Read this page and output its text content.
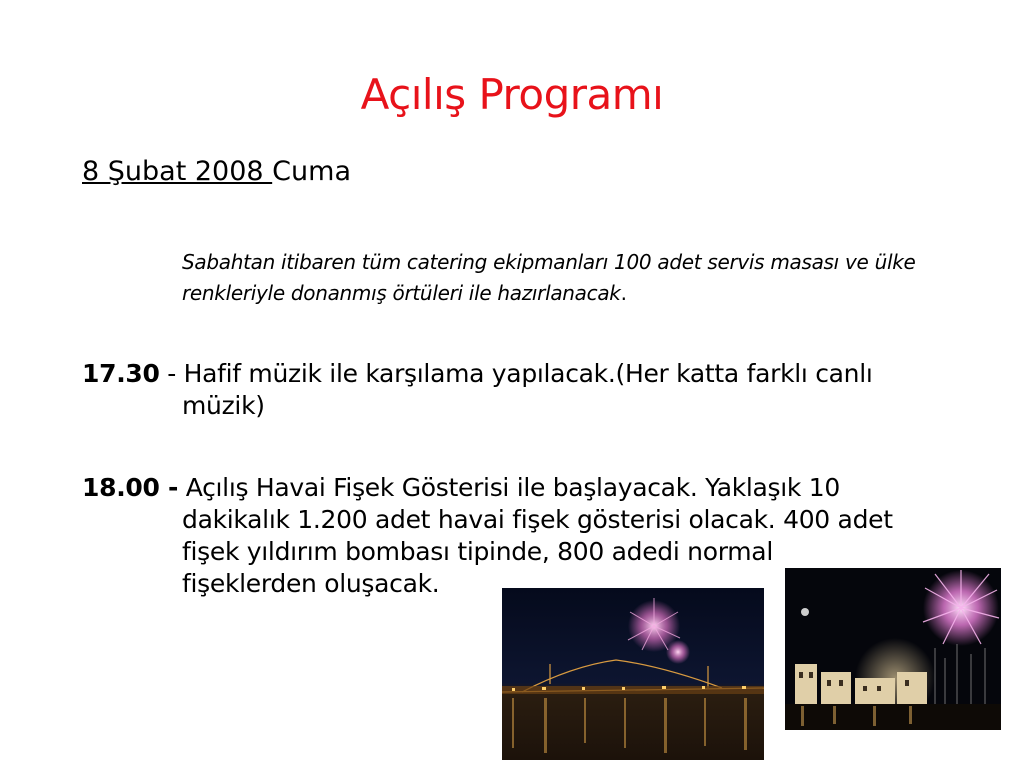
Açılış Programı
8 Şubat 2008 Cuma
Sabahtan itibaren tüm catering ekipmanları 100 adet servis masası ve ülke renkleriyle donanmış örtüleri ile hazırlanacak.
17.30 - Hafif müzik ile karşılama yapılacak.(Her katta farklı canlı
müzik)
18.00 - Açılış Havai Fişek Gösterisi ile başlayacak. Yaklaşık 10
dakikalık 1.200 adet havai fişek gösterisi olacak. 400 adet
fişek yıldırım bombası tipinde, 800 adedi normal
fişeklerden oluşacak.
